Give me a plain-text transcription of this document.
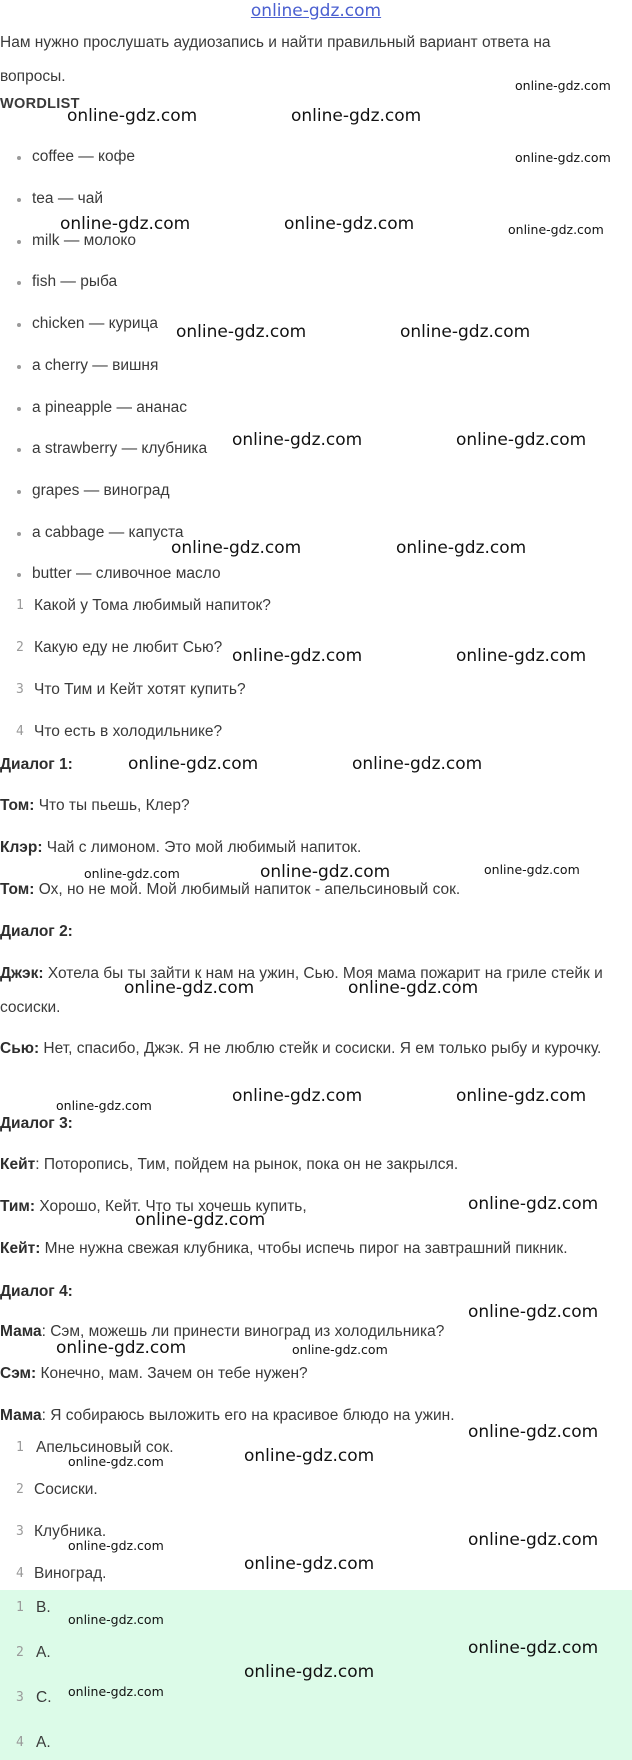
online-gdz.com

Нам нужно прослушать аудиозапись и найти правильный вариант ответа на вопросы.

WORDLIST
coffee — кофе
tea — чай
milk — молоко
fish — рыба
chicken — курица
a cherry — вишня
a pineapple — ананас
a strawberry — клубника
grapes — виноград
a cabbage — капуста
butter — сливочное масло
1 Какой у Тома любимый напиток?
2 Какую еду не любит Сью?
3 Что Тим и Кейт хотят купить?
4 Что есть в холодильнике?
Диалог 1:

Том: Что ты пьешь, Клер?

Клэр: Чай с лимоном. Это мой любимый напиток.

Том: Ох, но не мой. Мой любимый напиток - апельсиновый сок.

Диалог 2:

Джэк: Хотела бы ты зайти к нам на ужин, Сью. Моя мама пожарит на гриле стейк и сосиски.

Сью: Нет, спасибо, Джэк. Я не люблю стейк и сосиски. Я ем только рыбу и курочку.

Диалог 3:

Кейт: Поторопись, Тим, пойдем на рынок, пока он не закрылся.

Тим: Хорошо, Кейт. Что ты хочешь купить,

Кейт: Мне нужна свежая клубника, чтобы испечь пирог на завтрашний пикник.

Диалог 4:

Мама: Сэм, можешь ли принести виноград из холодильника?

Сэм: Конечно, мам. Зачем он тебе нужен?

Мама: Я собираюсь выложить его на красивое блюдо на ужин.

1 Апельсиновый сок.
2 Сосиски.
3 Клубника.
4 Виноград.
1 B.
2 A.
3 C.
4 A.
online-gdz.com
online-gdz.com	online-gdz.com
online-gdz.com
online-gdz.com	online-gdz.com	online-gdz.com
online-gdz.com	online-gdz.com
online-gdz.com	online-gdz.com
online-gdz.com	online-gdz.com
online-gdz.com	online-gdz.com
online-gdz.com	online-gdz.com
online-gdz.com	online-gdz.com	online-gdz.com
online-gdz.com	online-gdz.com
online-gdz.com	online-gdz.com
online-gdz.com
online-gdz.com
online-gdz.com
online-gdz.com
online-gdz.com	online-gdz.com
online-gdz.com
online-gdz.com	online-gdz.com
online-gdz.com	online-gdz.com
online-gdz.com
online-gdz.com
online-gdz.com
online-gdz.com
online-gdz.com
